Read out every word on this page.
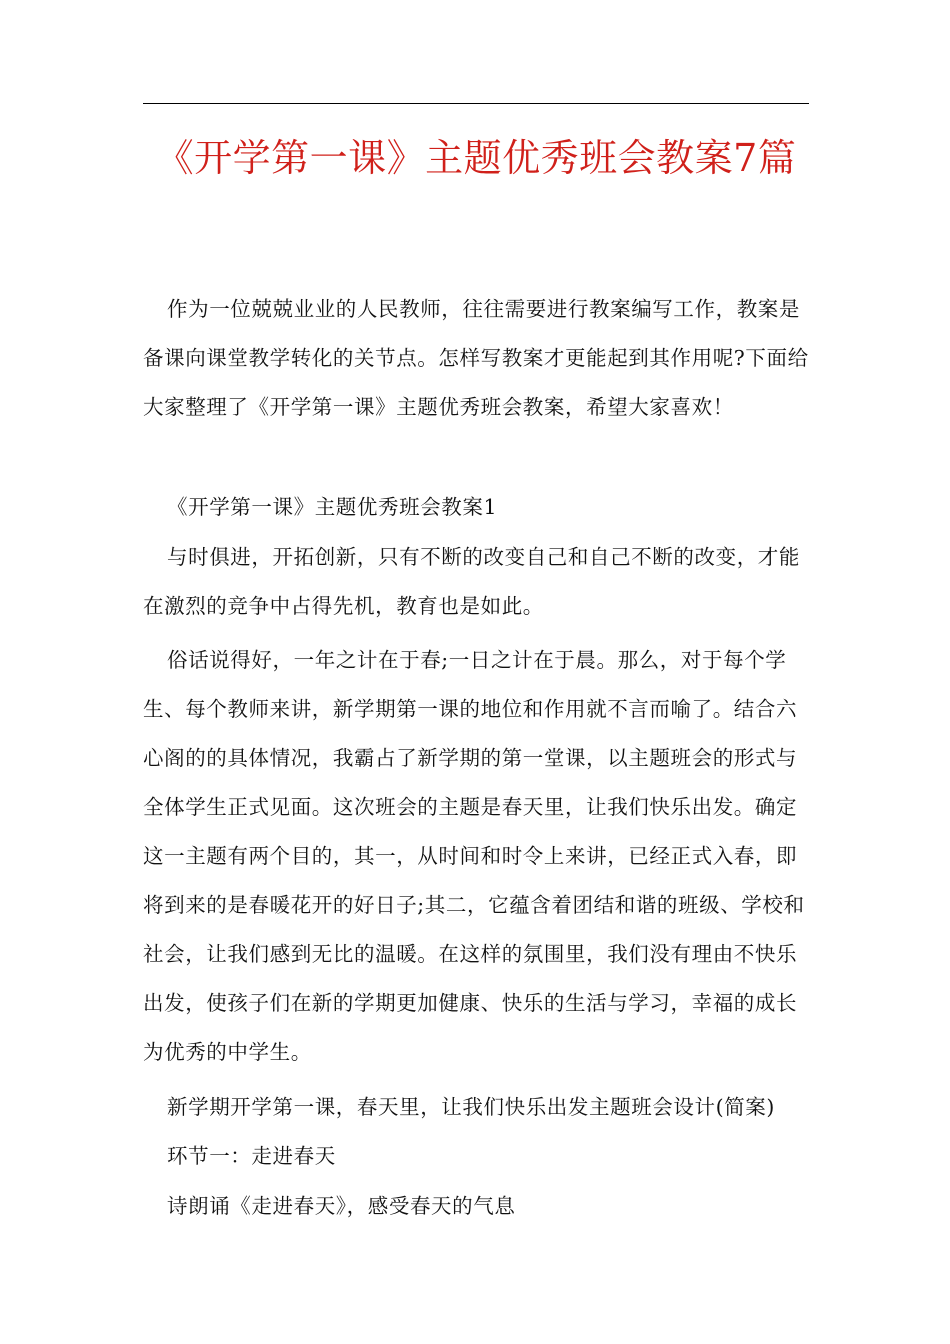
《开学第一课》主题优秀班会教案7篇

作为一位兢兢业业的人民教师，往往需要进行教案编写工作，教案是备课向课堂教学转化的关节点。怎样写教案才更能起到其作用呢?下面给大家整理了《开学第一课》主题优秀班会教案，希望大家喜欢！

《开学第一课》主题优秀班会教案1

与时俱进，开拓创新，只有不断的改变自己和自己不断的改变，才能在激烈的竞争中占得先机，教育也是如此。

俗话说得好，一年之计在于春;一日之计在于晨。那么，对于每个学生、每个教师来讲，新学期第一课的地位和作用就不言而喻了。结合六心阁的的具体情况，我霸占了新学期的第一堂课，以主题班会的形式与全体学生正式见面。这次班会的主题是春天里，让我们快乐出发。确定这一主题有两个目的，其一，从时间和时令上来讲，已经正式入春，即将到来的是春暖花开的好日子;其二，它蕴含着团结和谐的班级、学校和社会，让我们感到无比的温暖。在这样的氛围里，我们没有理由不快乐出发，使孩子们在新的学期更加健康、快乐的生活与学习，幸福的成长为优秀的中学生。

新学期开学第一课，春天里，让我们快乐出发主题班会设计(简案)

环节一：走进春天

诗朗诵《走进春天》，感受春天的气息
